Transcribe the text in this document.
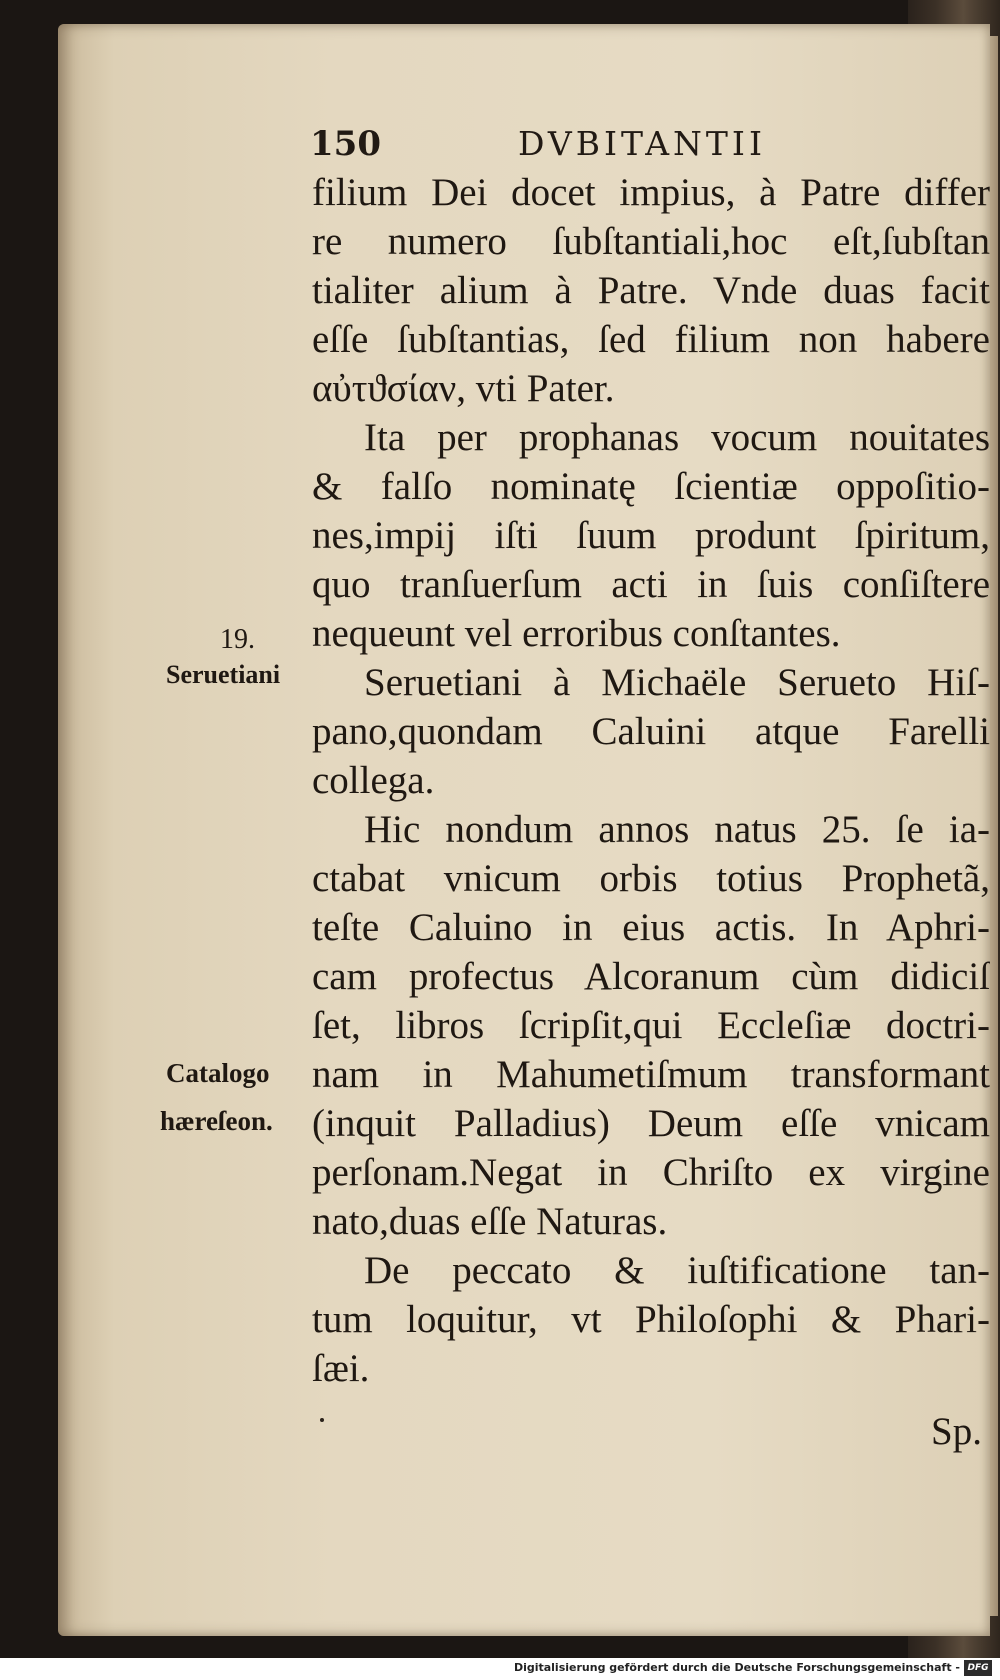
150	DVBITANTII
19.
Seruetiani
Catalogo
hæreſeon.
filium Dei docet impius, à Patre differ
re numero ſubſtantiali,hoc eſt,ſubſtan
tialiter alium à Patre. Vnde duas facit
eſſe ſubſtantias, ſed filium non habere
αὐτϑσίαν, vti Pater.
Ita per prophanas vocum nouitates
& falſo nominatę ſcientiæ oppoſitio-
nes,impij iſti ſuum produnt ſpiritum,
quo tranſuerſum acti in ſuis conſiſtere
nequeunt vel erroribus conſtantes.
Seruetiani à Michaële Serueto Hiſ-
pano,quondam Caluini atque Farelli
collega.
Hic nondum annos natus 25. ſe ia-
ctabat vnicum orbis totius Prophetã,
teſte Caluino in eius actis. In Aphri-
cam profectus Alcoranum cùm didiciſ
ſet, libros ſcripſit,qui Eccleſiæ doctri-
nam in Mahumetiſmum transformant
(inquit Palladius) Deum eſſe vnicam
perſonam.Negat in Chriſto ex virgine
nato,duas eſſe Naturas.
De peccato & iuſtificatione tan-
tum loquitur, vt Philoſophi & Phari-
ſæi.
Sp.
Digitalisierung gefördert durch die Deutsche Forschungsgemeinschaft - DFG
